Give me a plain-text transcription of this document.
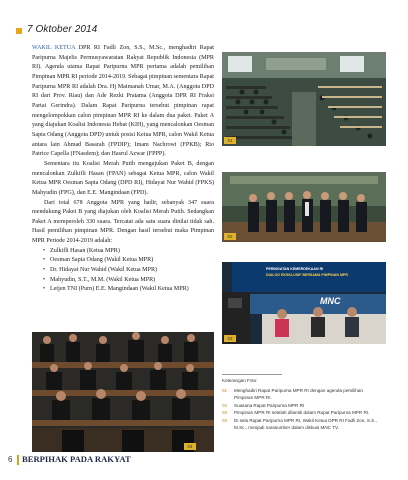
7 Oktober 2014

WAKIL KETUA DPR RI Fadli Zon, S.S., M.Sc., menghadiri Rapat Paripurna Majelis Permusyawaratan Rakyat Republik Indonesia (MPR RI). Agenda utama Rapat Paripurna MPR pertama adalah pemilihan Pimpinan MPR RI periode 2014-2019. Sebagai pimpinan sementara Rapat Paripurna MPR RI adalah Dra. Hj Maimanah Umar, M.A. (Anggota DPD RI dari Prov. Riau) dan Ade Rezki Pratama (Anggota DPR RI Fraksi Partai Gerindra). Dalam Rapat Paripurna tersebut pimpinan rapat mengelompokkan calon pimpinan MPR RI ke dalam dua paket. Paket A yang diajukan Koalisi Indonesia Hebat (KIH), yang mencalonkan Oesman Sapta Odang (Anggota DPD) untuk posisi Ketua MPR, calon Wakil Ketua antara lain Ahmad Basarah (FPDIP); Imam Nachrowi (FPKB); Rio Patrice Capella (FNasdem); dan Hasrul Azwar (FPPP).

Sementara itu Koalisi Merah Putih mengajukan Paket B, dengan mencalonkan Zulkifli Hasan (FPAN) sebagai Ketua MPR, calon Wakil Ketua MPR Oesman Sapta Odang (DPD RI), Hidayat Nur Wahid (FPKS) Mahyudin (FPG), dan E.E. Mangindaan (FPD).

Dari total 678 Anggota MPR yang hadir, sebanyak 347 suara mendukung Paket B yang diajukan oleh Koalisi Merah Putih. Sedangkan Paket A memperoleh 330 suara. Tercatat ada satu suara dinilai tidak sah. Hasil pemilihan pimpinan MPR. Dengan hasil tersebut maka Pimpinan MPR Periode 2014-2019 adalah:

• Zulkifli Hasan (Ketua MPR)
• Oesman Sapta Odang (Wakil Ketua MPR)
• Dr. Hidayat Nur Wahid (Wakil Ketua MPR)
• Mahyudin, S.T., M.M. (Wakil Ketua MPR)
• Letjen TNI (Purn) E.E. Mangindaan (Wakil Ketua MPR)
01
02
PERINGATAN KEMERDEKAAN RI
DIALOG EKSKLUSIF BERSAMA PIMPINAN MPR
MNC
03
04
Keterangan Foto:
01 Menghadiri Rapat Paripurna MPR RI dengan agenda pemilihan Pimpinan MPR RI.
02 Suasana Rapat Paripurna MPR RI
03 Pimpinan MPR RI setelah dilantik dalam Rapat Paripurna MPR RI.
03 Di sela Rapat Paripurna MPR RI, Wakil Ketua DPR RI Fadli Zon, S.S., M.Sc., menjadi narasumber dalam diskusi MNC TV.
6 BERPIHAK PADA RAKYAT
